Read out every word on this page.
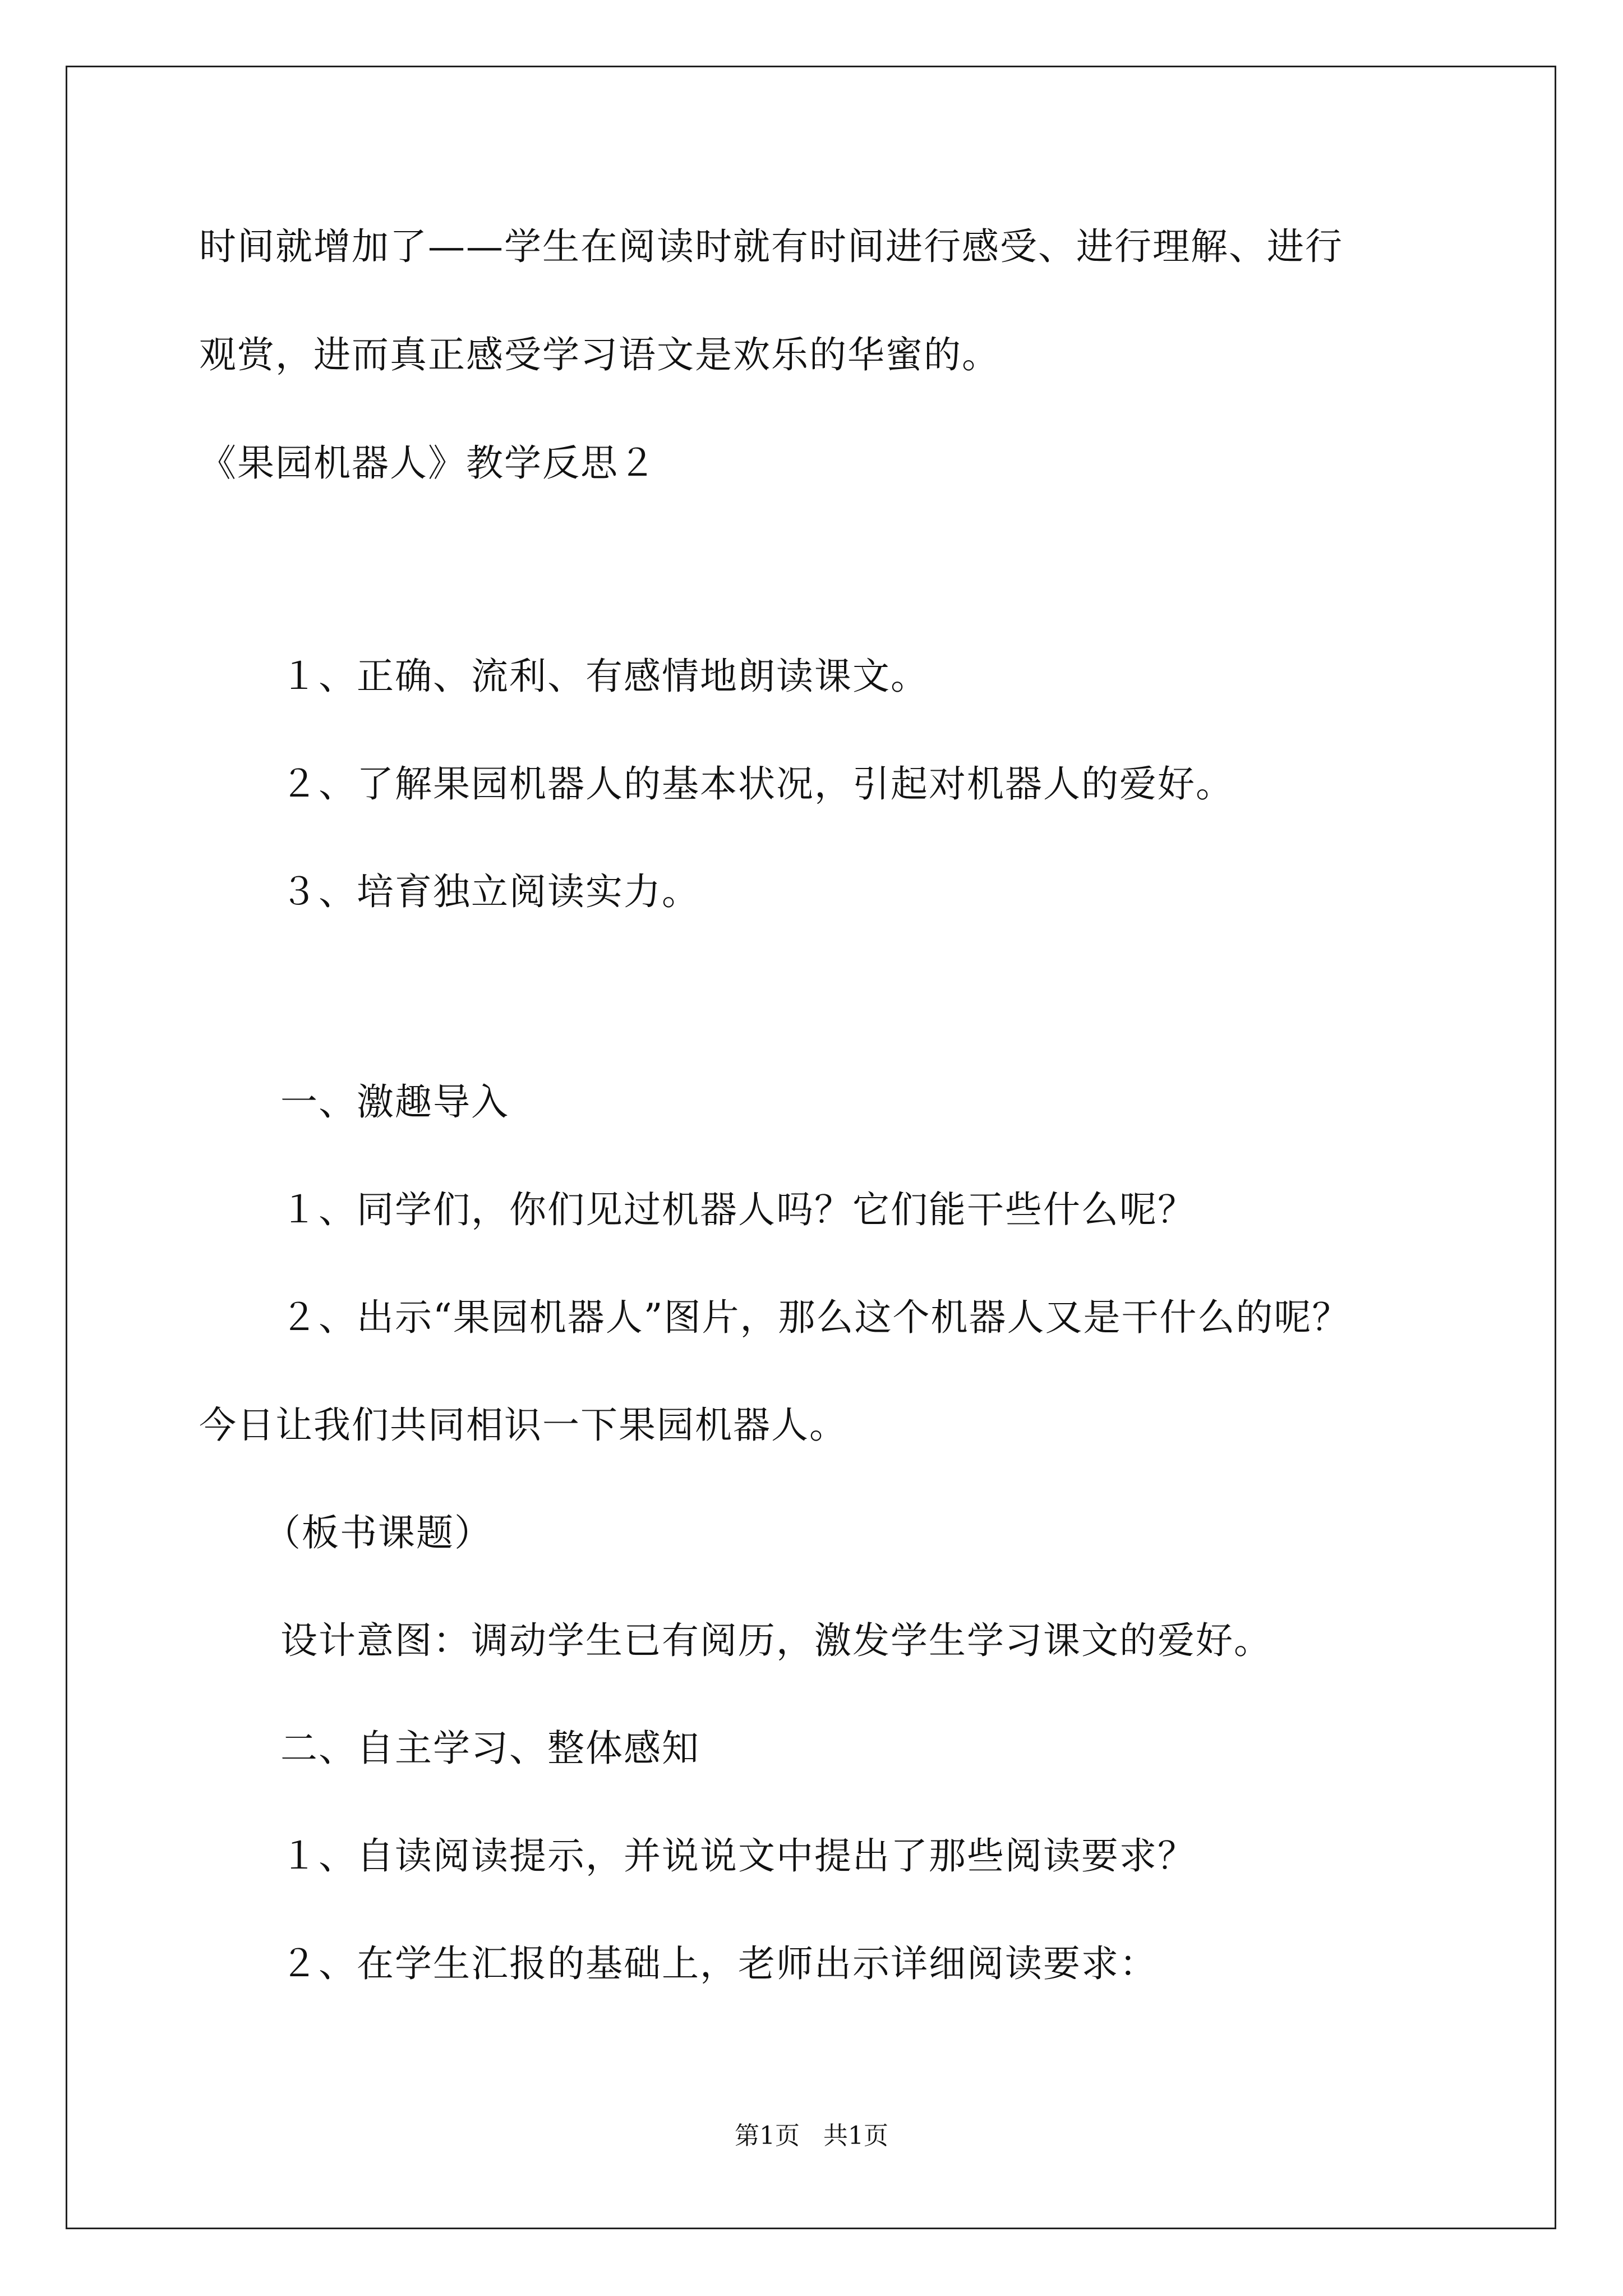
时间就增加了——学生在阅读时就有时间进行感受、进行理解、进行
观赏，进而真正感受学习语文是欢乐的华蜜的。
《果园机器人》教学反思２
１、正确、流利、有感情地朗读课文。
２、了解果园机器人的基本状况，引起对机器人的爱好。
３、培育独立阅读实力。
一、激趣导入
１、同学们，你们见过机器人吗？它们能干些什么呢？
２、出示“果园机器人”图片，那么这个机器人又是干什么的呢？
今日让我们共同相识一下果园机器人。
（板书课题）
设计意图：调动学生已有阅历，激发学生学习课文的爱好。
二、自主学习、整体感知
１、自读阅读提示，并说说文中提出了那些阅读要求？
２、在学生汇报的基础上，老师出示详细阅读要求：
第1页   共1页
